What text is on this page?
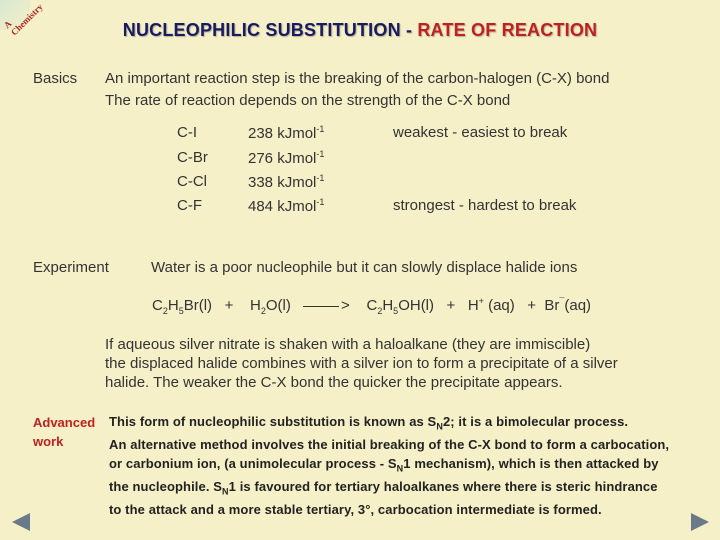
A Chemistry	NUCLEOPHILIC SUBSTITUTION - RATE OF REACTION
Basics An important reaction step is the breaking of the carbon-halogen (C-X) bond
The rate of reaction depends on the strength of the C-X bond
C-I	238 kJmol$^{-1}$	weakest - easiest to break
C-Br	276 kJmol$^{-1}$
C-Cl	338 kJmol$^{-1}$
C-F	484 kJmol$^{-1}$	strongest - hardest to break
Experiment	Water is a poor nucleophile but it can slowly displace halide ions
$C_2H_5Br(l) + H_2O(l)$	> $C_2H_5OH(l) + H^+$ (aq) + Br¯(aq)
If aqueous silver nitrate is shaken with a haloalkane (they are immiscible)
the displaced halide combines with a silver ion to form a precipitate of a silver
halide. The weaker the C-X bond the quicker the precipitate appears.
Advanced
work
This form of nucleophilic substitution is known as $S_N2$; it is a bimolecular process.
An alternative method involves the initial breaking of the C-X bond to form a carbocation,
or carbonium ion, (a unimolecular process - $S_N1$ mechanism), which is then attacked by
the nucleophile. $S_N1$ is favoured for tertiary haloalkanes where there is steric hindrance
to the attack and a more stable tertiary, 3°, carbocation intermediate is formed.
